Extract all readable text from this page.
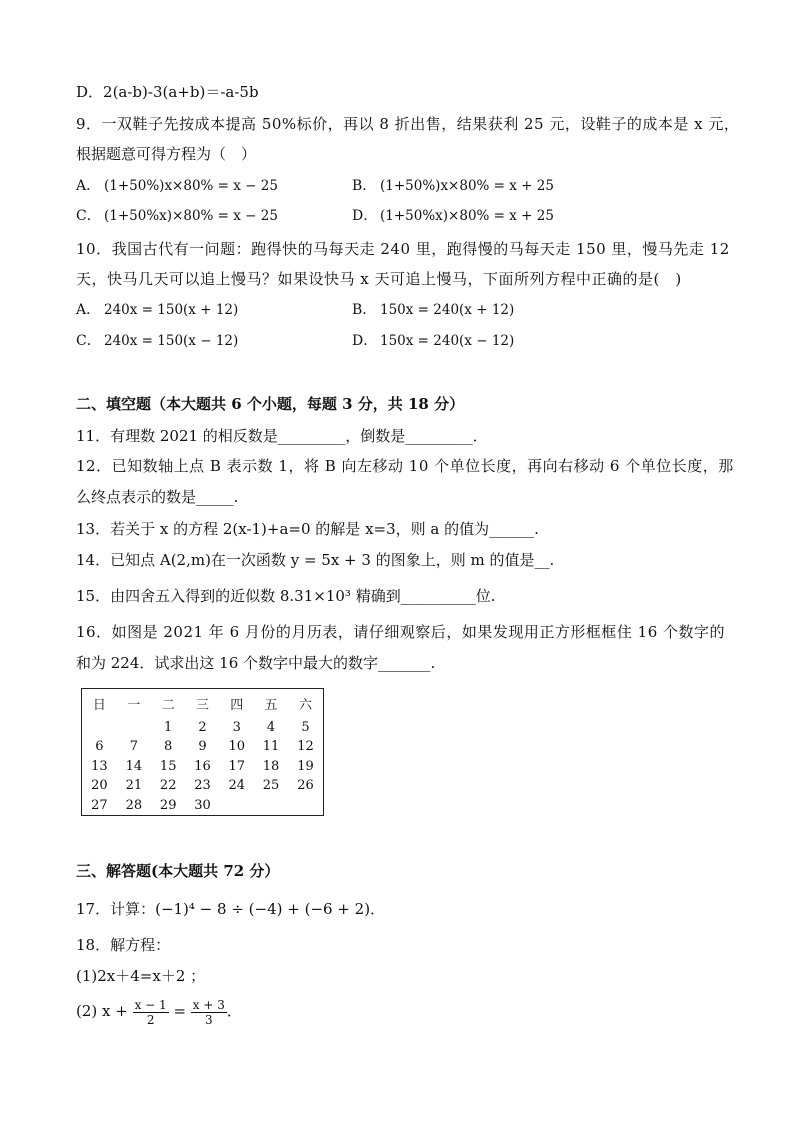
D．2(a-b)-3(a+b)＝-a-5b
9．一双鞋子先按成本提高 50%标价，再以 8 折出售，结果获利 25 元，设鞋子的成本是 x 元，
根据题意可得方程为（　）
A． (1+50%)x×80% = x − 25	B． (1+50%)x×80% = x + 25
C． (1+50%x)×80% = x − 25	D． (1+50%x)×80% = x + 25
10．我国古代有一问题：跑得快的马每天走 240 里，跑得慢的马每天走 150 里，慢马先走 12
天，快马几天可以追上慢马？如果设快马 x 天可追上慢马，下面所列方程中正确的是(　)
A． 240x = 150(x + 12)	B． 150x = 240(x + 12)
C． 240x = 150(x − 12)	D． 150x = 240(x − 12)
二、填空题（本大题共 6 个小题，每题 3 分，共 18 分）
11．有理数 2021 的相反数是_________，倒数是_________．
12．已知数轴上点 B 表示数 1，将 B 向左移动 10 个单位长度，再向右移动 6 个单位长度，那
么终点表示的数是_____.
13．若关于 x 的方程 2(x-1)+a=0 的解是 x=3，则 a 的值为______.
14．已知点 A(2,m)在一次函数 y = 5x + 3 的图象上，则 m 的值是__.
15．由四舍五入得到的近似数 8.31×10³ 精确到__________位.
16．如图是 2021 年 6 月份的月历表，请仔细观察后，如果发现用正方形框框住 16 个数字的
和为 224．试求出这 16 个数字中最大的数字_______.
日	一	二	三	四	五	六
		1	2	3	4	5
6	7	8	9	10	11	12
13	14	15	16	17	18	19
20	21	22	23	24	25	26
27	28	29	30			
三、解答题(本大题共 72 分）
17．计算：(−1)⁴ − 8 ÷ (−4) + (−6 + 2)．
18．解方程：
(1)2x＋4=x＋2 ；
(2) $x + \frac{x - 1}{2} = \frac{x + 3}{3}$ ．
